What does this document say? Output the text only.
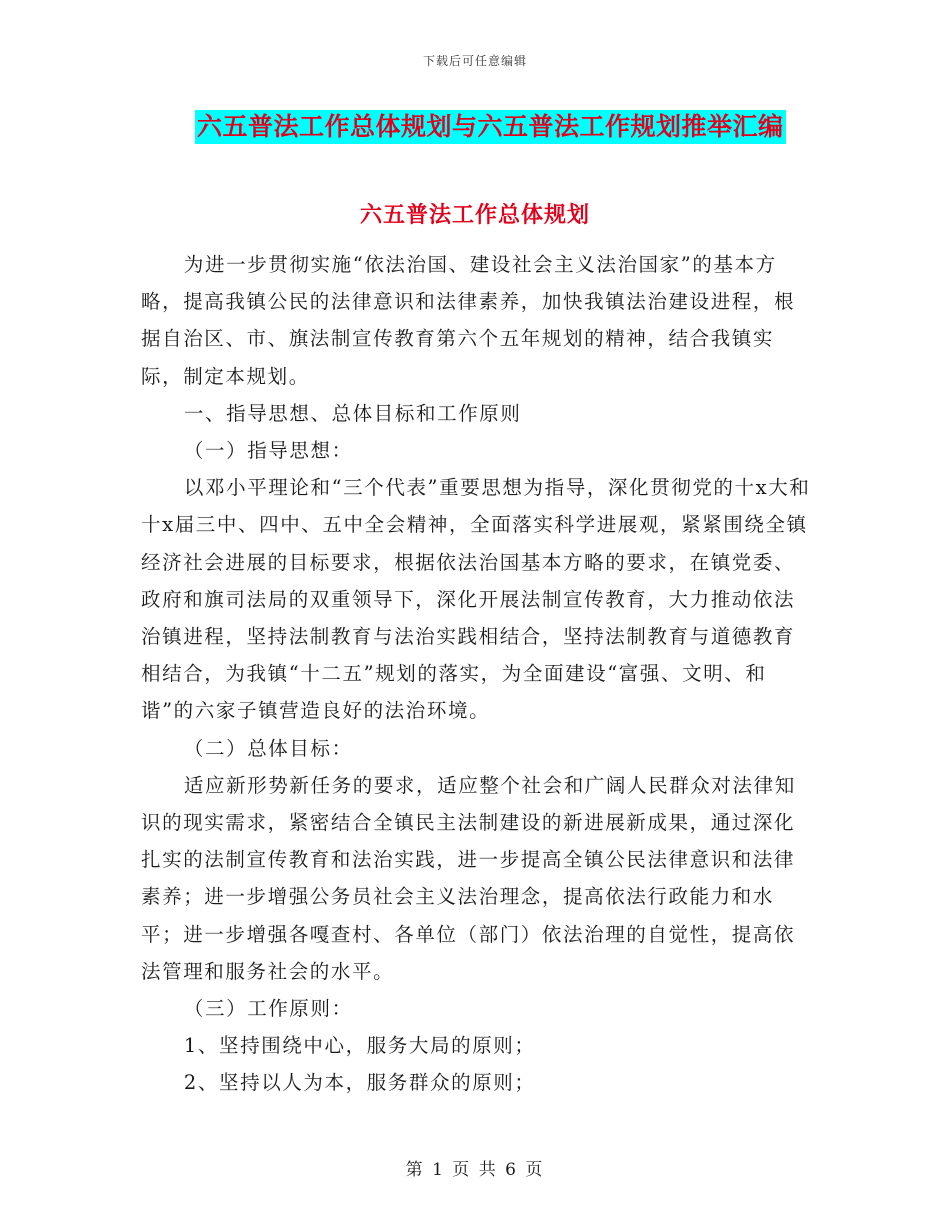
下载后可任意编辑
六五普法工作总体规划与六五普法工作规划推举汇编
六五普法工作总体规划

为进一步贯彻实施“依法治国、建设社会主义法治国家”的基本方略，提高我镇公民的法律意识和法律素养，加快我镇法治建设进程，根据自治区、市、旗法制宣传教育第六个五年规划的精神，结合我镇实际，制定本规划。

一、指导思想、总体目标和工作原则

（一）指导思想：

以邓小平理论和“三个代表”重要思想为指导，深化贯彻党的十x大和十x届三中、四中、五中全会精神，全面落实科学进展观，紧紧围绕全镇经济社会进展的目标要求，根据依法治国基本方略的要求，在镇党委、政府和旗司法局的双重领导下，深化开展法制宣传教育，大力推动依法治镇进程，坚持法制教育与法治实践相结合，坚持法制教育与道德教育相结合，为我镇“十二五”规划的落实，为全面建设“富强、文明、和谐”的六家子镇营造良好的法治环境。

（二）总体目标：

适应新形势新任务的要求，适应整个社会和广阔人民群众对法律知识的现实需求，紧密结合全镇民主法制建设的新进展新成果，通过深化扎实的法制宣传教育和法治实践，进一步提高全镇公民法律意识和法律素养；进一步增强公务员社会主义法治理念，提高依法行政能力和水平；进一步增强各嘎查村、各单位（部门）依法治理的自觉性，提高依法管理和服务社会的水平。

（三）工作原则：

1、坚持围绕中心，服务大局的原则；

2、坚持以人为本，服务群众的原则；

第 1 页 共 6 页
